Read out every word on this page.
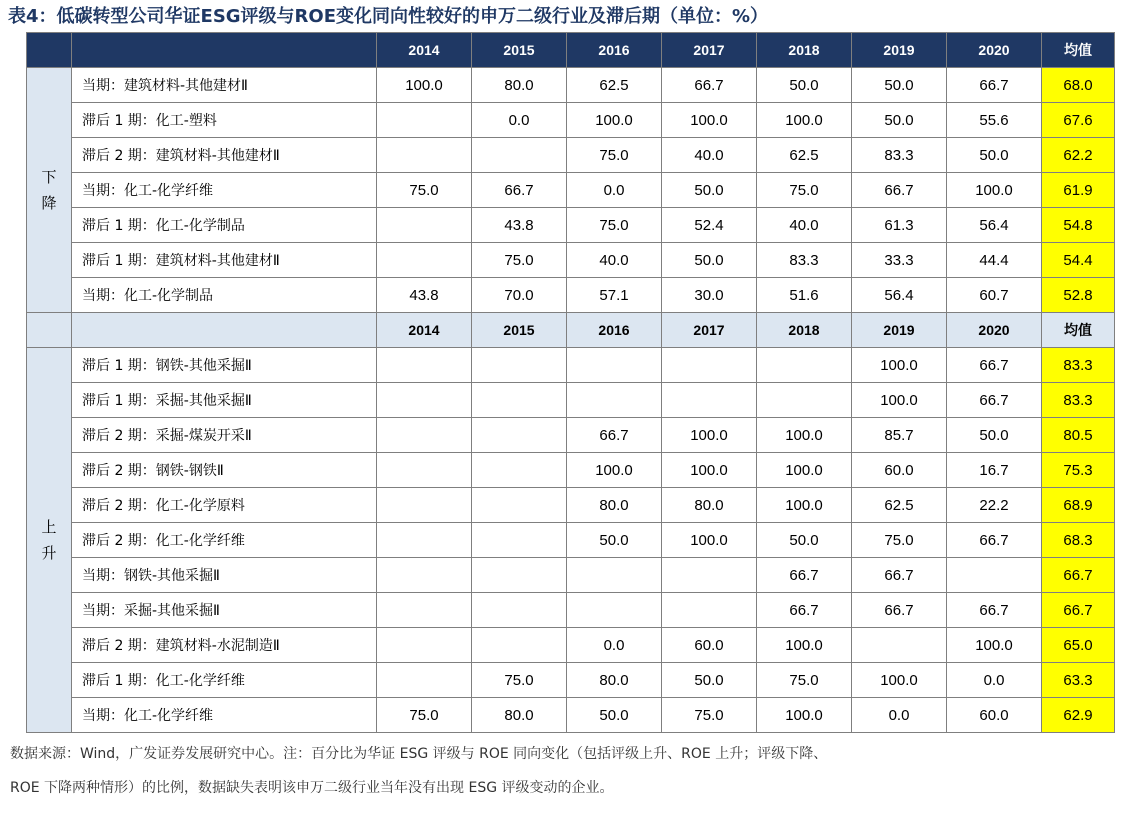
表4：低碳转型公司华证ESG评级与ROE变化同向性较好的申万二级行业及滞后期（单位：%）
		2014	2015	2016	2017	2018	2019	2020	均值

下
降	当期：建筑材料-其他建材Ⅱ	100.0	80.0	62.5	66.7	50.0	50.0	66.7	68.0
	滞后 1 期：化工-塑料		0.0	100.0	100.0	100.0	50.0	55.6	67.6
	滞后 2 期：建筑材料-其他建材Ⅱ			75.0	40.0	62.5	83.3	50.0	62.2
	当期：化工-化学纤维	75.0	66.7	0.0	50.0	75.0	66.7	100.0	61.9
	滞后 1 期：化工-化学制品		43.8	75.0	52.4	40.0	61.3	56.4	54.8
	滞后 1 期：建筑材料-其他建材Ⅱ		75.0	40.0	50.0	83.3	33.3	44.4	54.4
	当期：化工-化学制品	43.8	70.0	57.1	30.0	51.6	56.4	60.7	52.8
		2014	2015	2016	2017	2018	2019	2020	均值

上
升	滞后 1 期：钢铁-其他采掘Ⅱ						100.0	66.7	83.3
	滞后 1 期：采掘-其他采掘Ⅱ						100.0	66.7	83.3
	滞后 2 期：采掘-煤炭开采Ⅱ			66.7	100.0	100.0	85.7	50.0	80.5
	滞后 2 期：钢铁-钢铁Ⅱ			100.0	100.0	100.0	60.0	16.7	75.3
	滞后 2 期：化工-化学原料			80.0	80.0	100.0	62.5	22.2	68.9
	滞后 2 期：化工-化学纤维			50.0	100.0	50.0	75.0	66.7	68.3
	当期：钢铁-其他采掘Ⅱ					66.7	66.7		66.7
	当期：采掘-其他采掘Ⅱ					66.7	66.7	66.7	66.7
	滞后 2 期：建筑材料-水泥制造Ⅱ			0.0	60.0	100.0		100.0	65.0
	滞后 1 期：化工-化学纤维		75.0	80.0	50.0	75.0	100.0	0.0	63.3
	当期：化工-化学纤维	75.0	80.0	50.0	75.0	100.0	0.0	60.0	62.9
数据来源：Wind，广发证券发展研究中心。注：百分比为华证 ESG 评级与 ROE 同向变化（包括评级上升、ROE 上升；评级下降、
ROE 下降两种情形）的比例，数据缺失表明该申万二级行业当年没有出现 ESG 评级变动的企业。
